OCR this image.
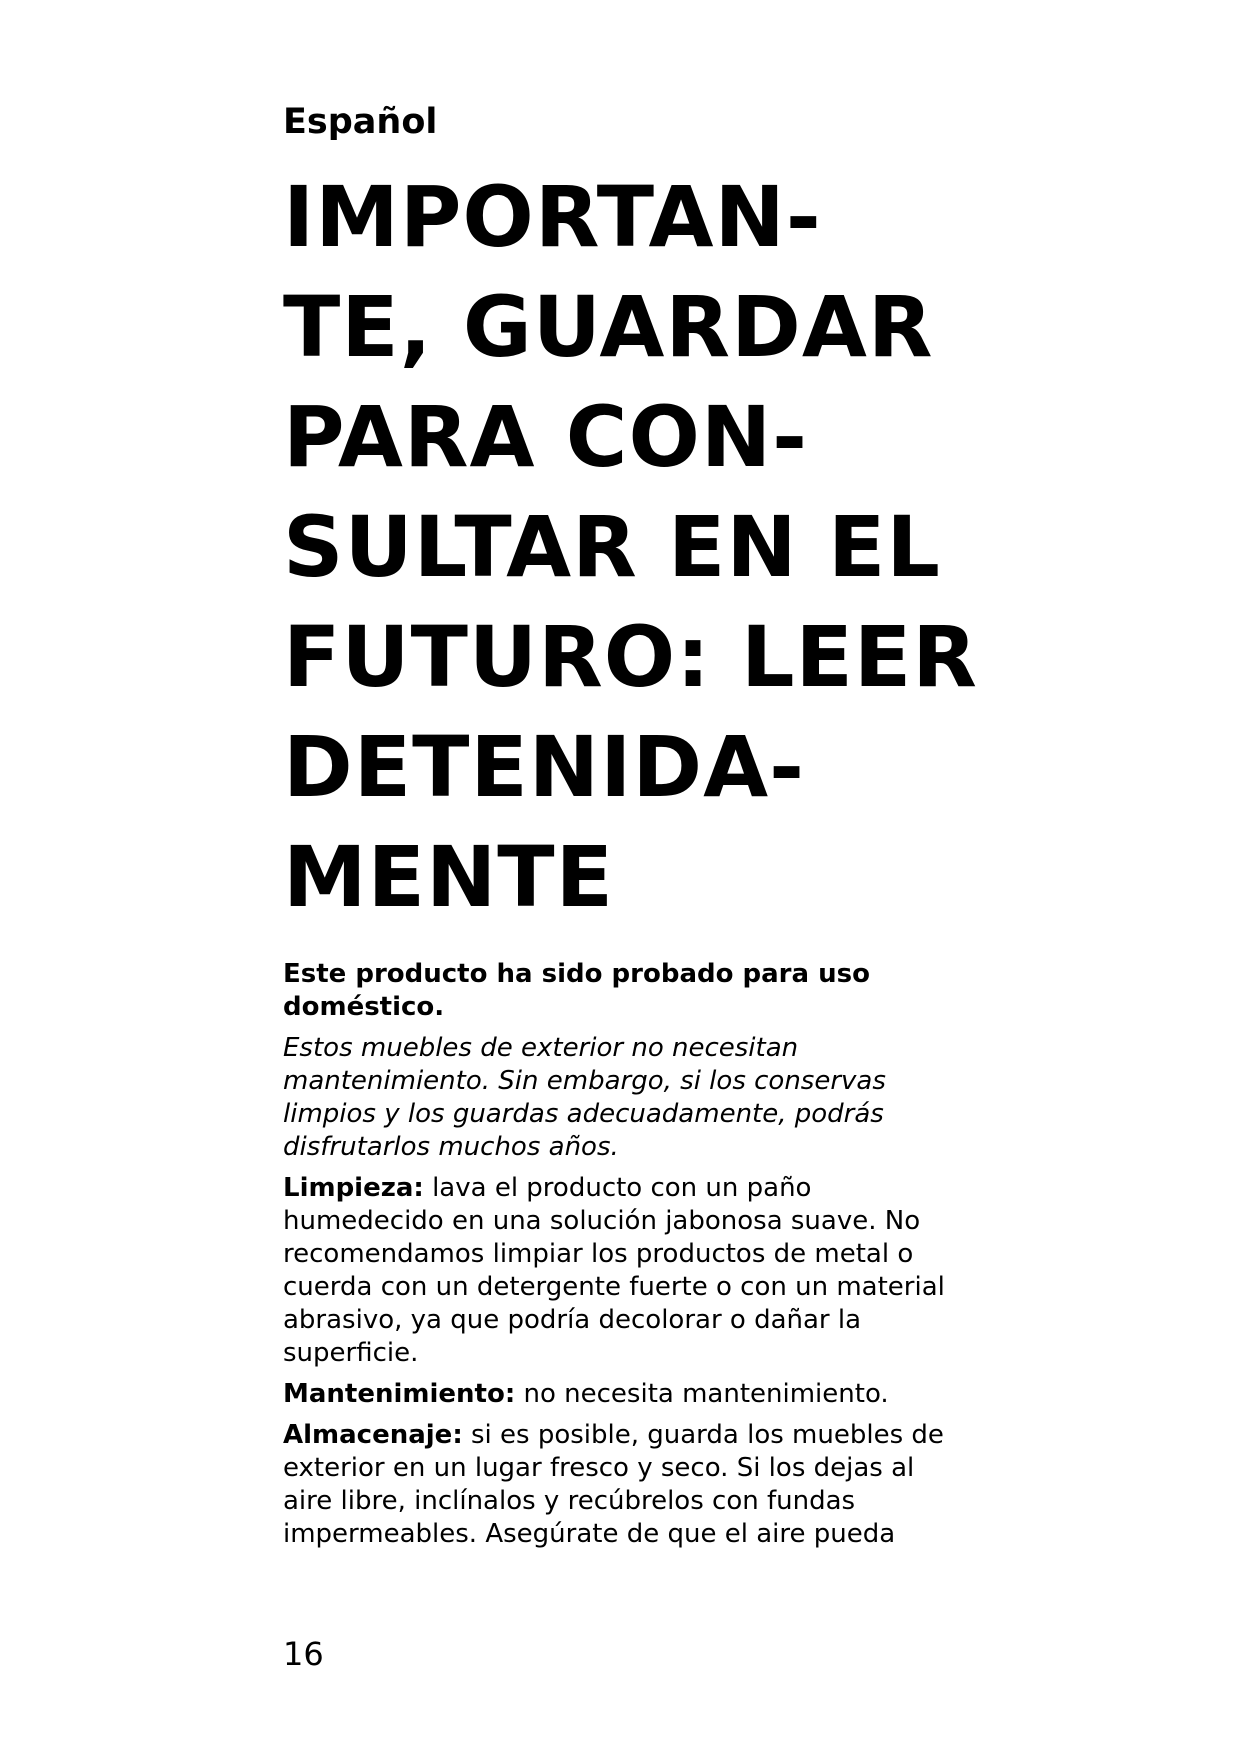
Español

IMPORTAN-
TE, GUARDAR
PARA CON-
SULTAR EN EL
FUTURO: LEER
DETENIDA-
MENTE

Este producto ha sido probado para uso doméstico.

Estos muebles de exterior no necesitan mantenimiento. Sin embargo, si los conservas limpios y los guardas adecuadamente, podrás disfrutarlos muchos años.

Limpieza: lava el producto con un paño humedecido en una solución jabonosa suave. No recomendamos limpiar los productos de metal o cuerda con un detergente fuerte o con un material abrasivo, ya que podría decolorar o dañar la superficie.

Mantenimiento: no necesita mantenimiento.

Almacenaje: si es posible, guarda los muebles de exterior en un lugar fresco y seco. Si los dejas al aire libre, inclínalos y recúbrelos con fundas impermeables. Asegúrate de que el aire pueda

16
